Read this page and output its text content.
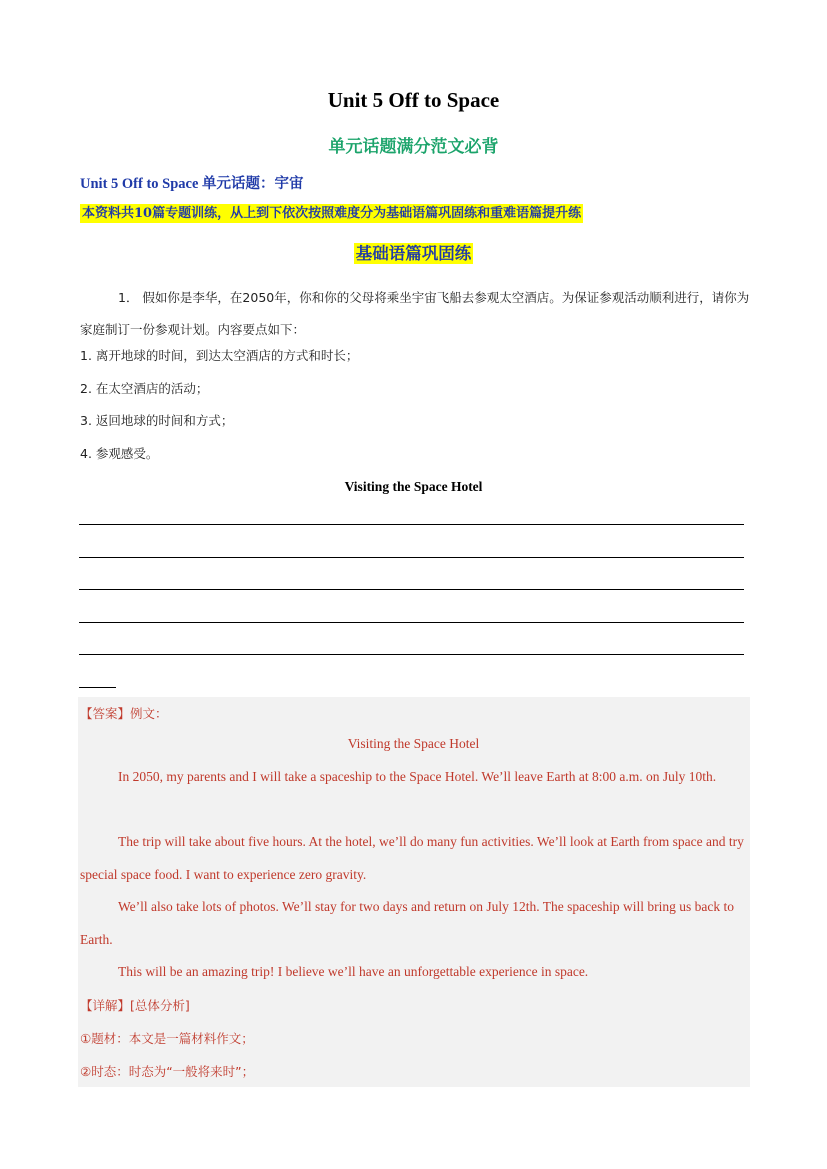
Unit 5 Off to Space
单元话题满分范文必背
Unit 5 Off to Space 单元话题：宇宙
本资料共10篇专题训练，从上到下依次按照难度分为基础语篇巩固练和重难语篇提升练
基础语篇巩固练
1． 假如你是李华，在2050年，你和你的父母将乘坐宇宙飞船去参观太空酒店。为保证参观活动顺利进行，请你为家庭制订一份参观计划。内容要点如下：
1. 离开地球的时间，到达太空酒店的方式和时长；
2. 在太空酒店的活动；
3. 返回地球的时间和方式；
4. 参观感受。
Visiting the Space Hotel
【答案】例文：
Visiting the Space Hotel
In 2050, my parents and I will take a spaceship to the Space Hotel. We’ll leave Earth at 8:00 a.m. on July 10th.
The trip will take about five hours. At the hotel, we’ll do many fun activities. We’ll look at Earth from space and try special space food. I want to experience zero gravity.
We’ll also take lots of photos. We’ll stay for two days and return on July 12th. The spaceship will bring us back to Earth.
This will be an amazing trip! I believe we’ll have an unforgettable experience in space.
【详解】[总体分析]
①题材：本文是一篇材料作文；
②时态：时态为“一般将来时”；
